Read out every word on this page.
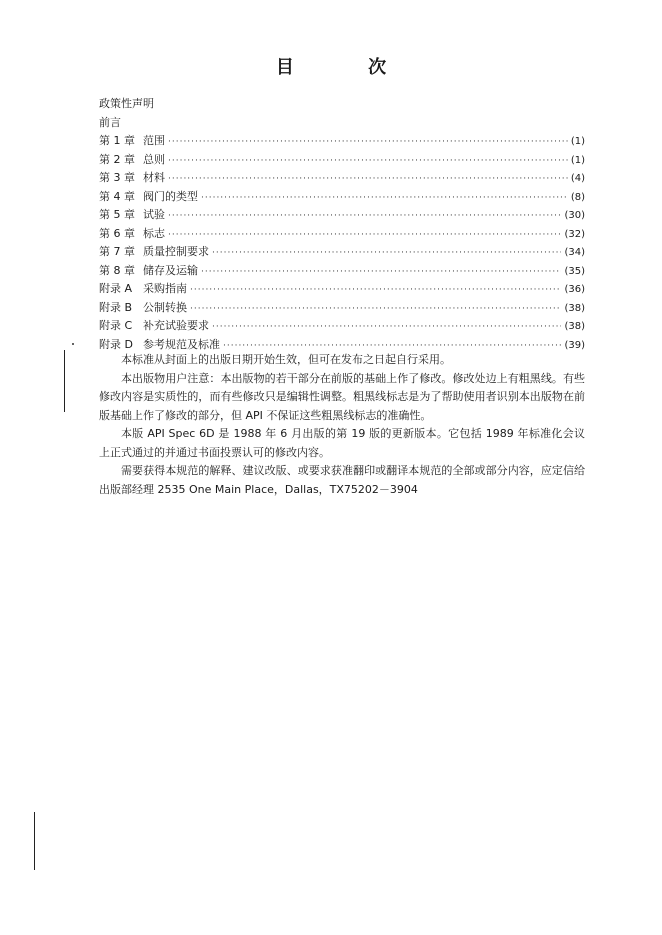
目 次
政策性声明
前言
第 1 章 范围 ·····	(1)
第 2 章 总则 ·····	(1)
第 3 章 材料 ·····	(4)
第 4 章 阀门的类型 ·····	(8)
第 5 章 试验 ·····	(30)
第 6 章 标志 ·····	(32)
第 7 章 质量控制要求 ·····	(34)
第 8 章 储存及运输 ·····	(35)
附录 A 采购指南 ·····	(36)
附录 B 公制转换 ·····	(38)
附录 C 补充试验要求 ·····	(38)
附录 D 参考规范及标准 ·····	(39)

本标准从封面上的出版日期开始生效，但可在发布之日起自行采用。

本出版物用户注意：本出版物的若干部分在前版的基础上作了修改。修改处边上有粗黑线。有些修改内容是实质性的，而有些修改只是编辑性调整。粗黑线标志是为了帮助使用者识别本出版物在前版基础上作了修改的部分，但 API 不保证这些粗黑线标志的准确性。

本版 API Spec 6D 是 1988 年 6 月出版的第 19 版的更新版本。它包括 1989 年标准化会议上正式通过的并通过书面投票认可的修改内容。

需要获得本规范的解释、建议改版、或要求获准翻印或翻译本规范的全部或部分内容，应定信给出版部经理 2535 One Main Place，Dallas，TX75202－3904
